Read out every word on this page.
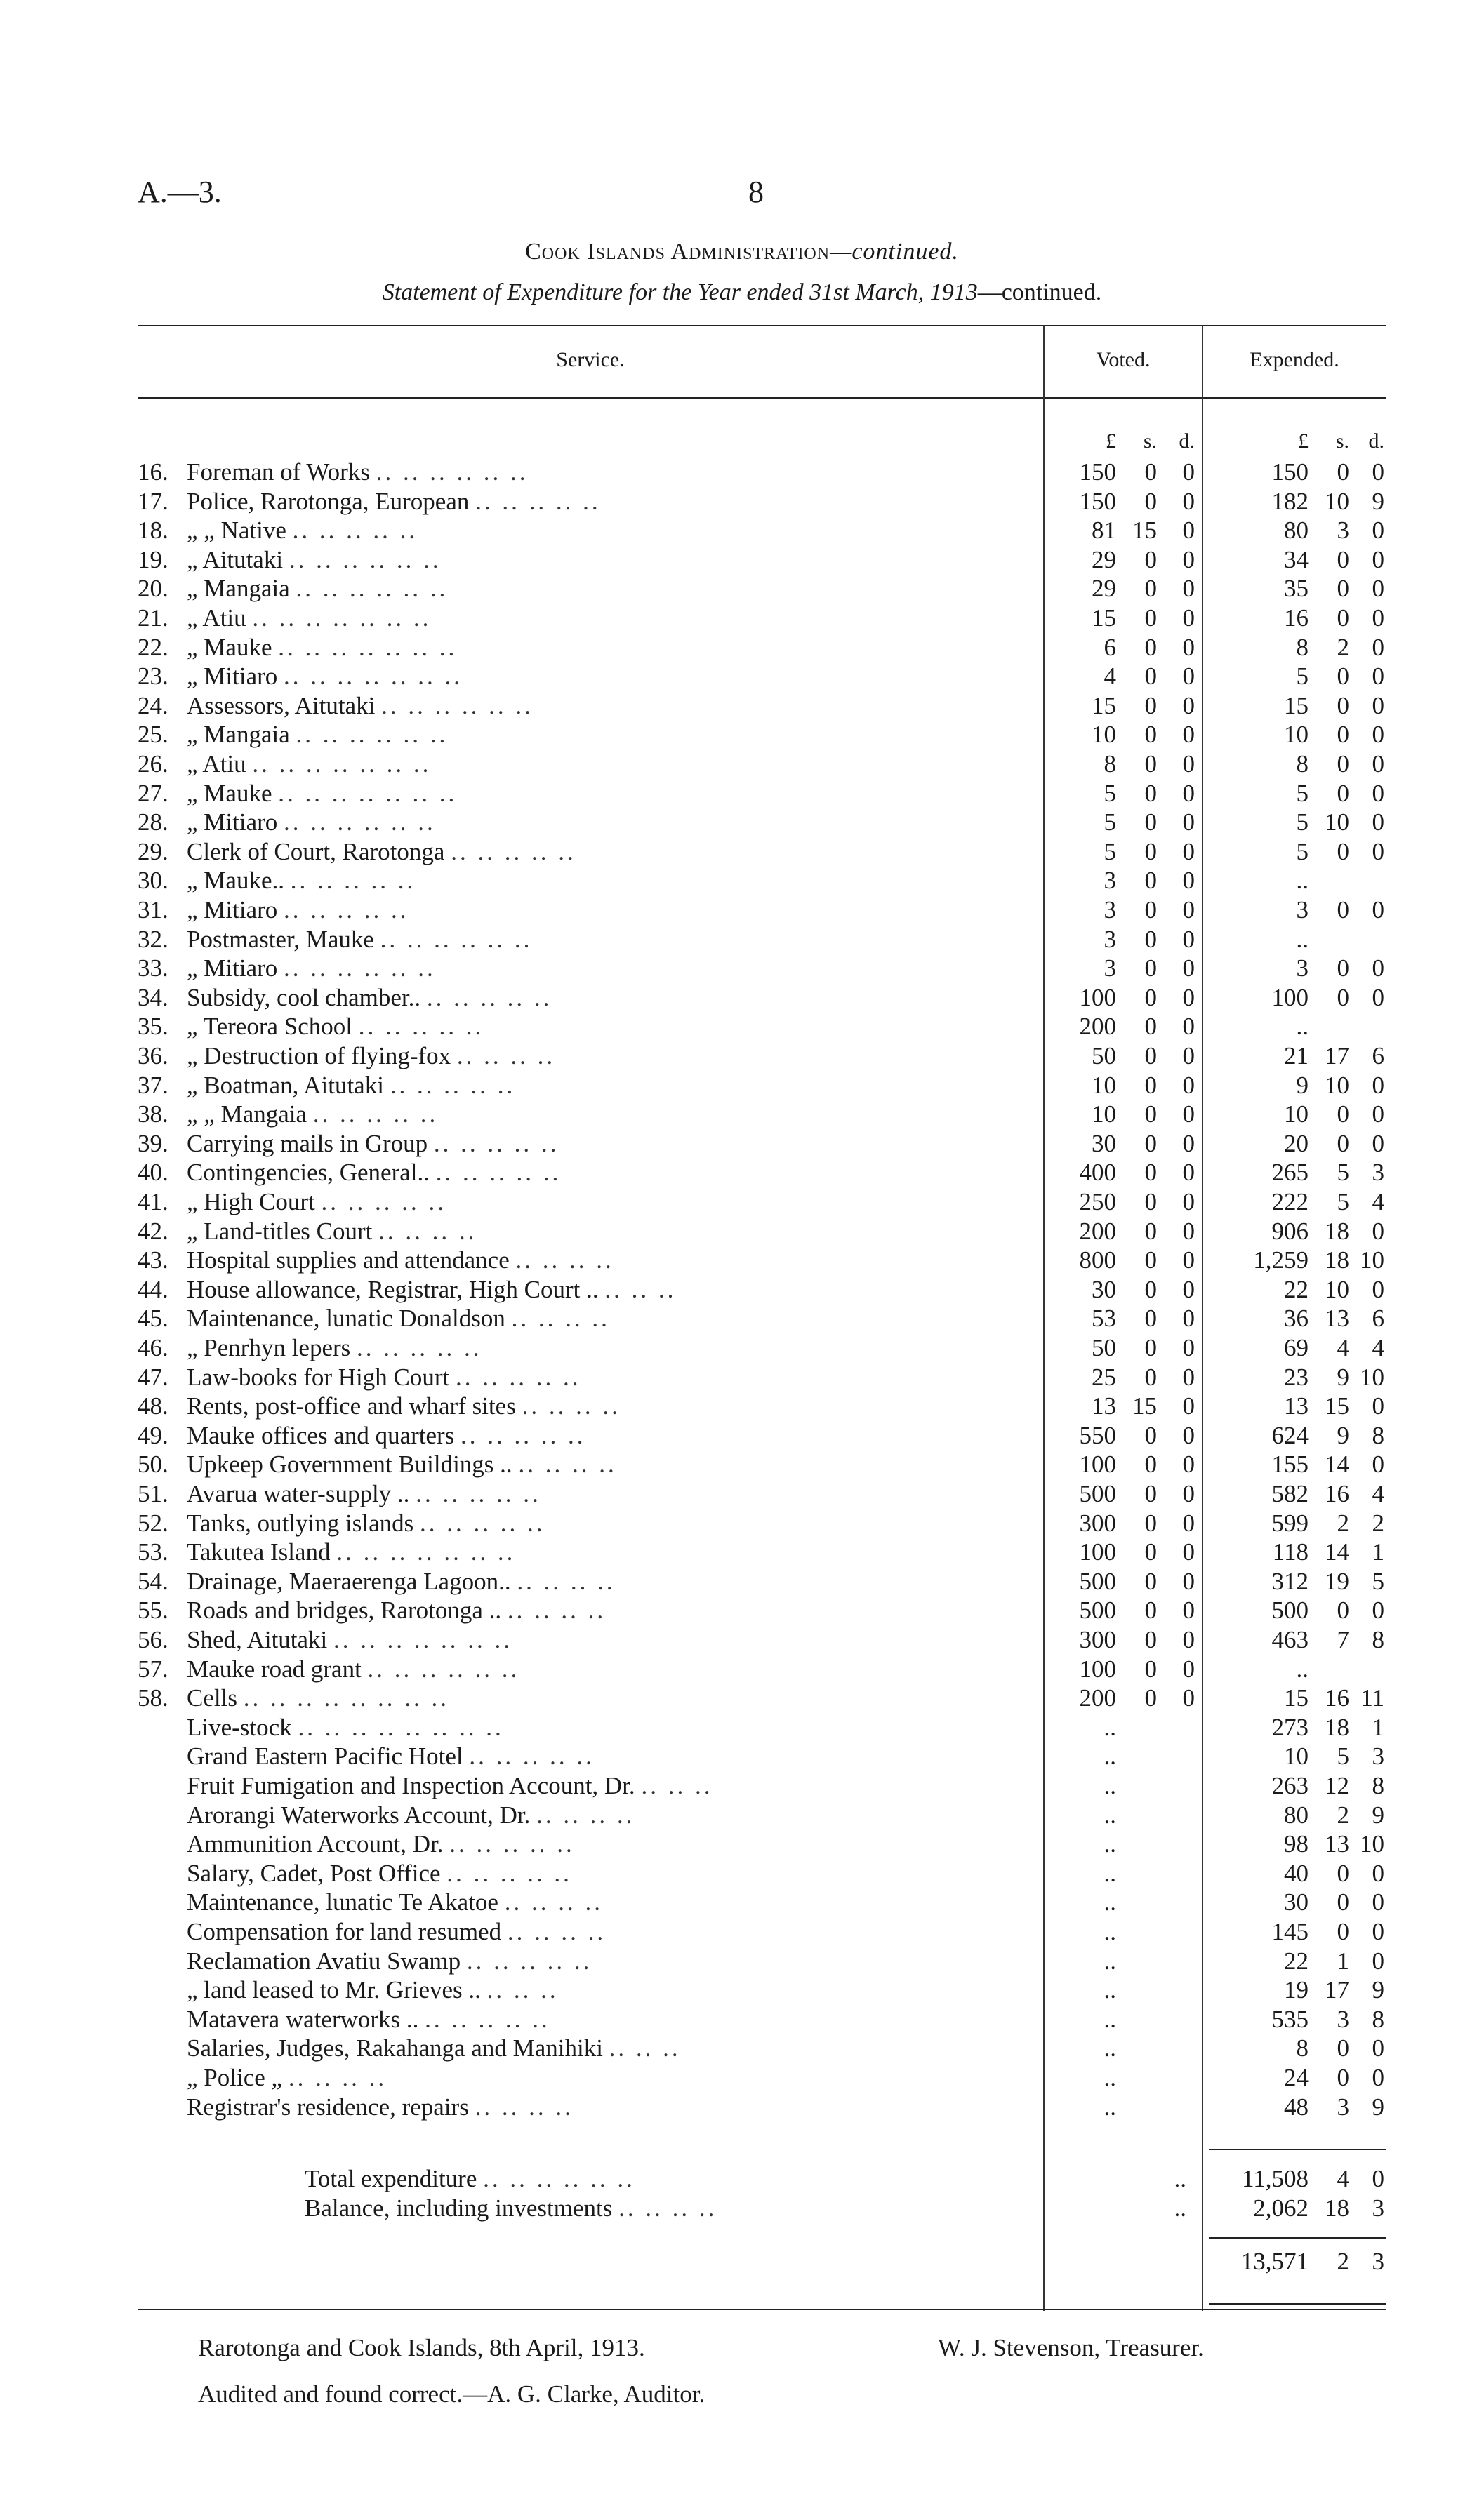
A.—3.	8
Cook Islands Administration—continued.
Statement of Expenditure for the Year ended 31st March, 1913—continued.
Service.	Voted.	Expended.
£	s.	d.	£	s. d.
16. Foreman of Works .. .. .. .. .. ..	150	0	0	150	0 0
17. Police, Rarotonga, European .. .. .. .. ..	150	0	0	182 10 9
18. „ „ Native .. .. .. .. ..	81 15	0	80	3 0
19. „ Aitutaki .. .. .. .. .. ..	29	0	0	34	0 0
20. „ Mangaia .. .. .. .. .. ..	29	0	0	35	0 0
21. „ Atiu .. .. .. .. .. .. ..	15	0	0	16	0 0
22. „ Mauke .. .. .. .. .. .. ..	6	0	0	8	2 0
23. „ Mitiaro .. .. .. .. .. .. ..	4	0	0	5	0 0
24. Assessors, Aitutaki .. .. .. .. .. ..	15	0	0	15	0 0
25. „ Mangaia .. .. .. .. .. ..	10	0	0	10	0 0
26. „ Atiu .. .. .. .. .. .. ..	8	0	0	8	0 0
27. „ Mauke .. .. .. .. .. .. ..	5	0	0	5	0 0
28. „ Mitiaro .. .. .. .. .. ..	5	0	0	5 10 0
29. Clerk of Court, Rarotonga .. .. .. .. ..	5	0	0	5	0 0
30. „ Mauke.. .. .. .. .. ..	3	0	0	..
31. „ Mitiaro .. .. .. .. ..	3	0	0	3	0 0
32. Postmaster, Mauke .. .. .. .. .. ..	3	0	0	..
33. „ Mitiaro .. .. .. .. .. ..	3	0	0	3	0 0
34. Subsidy, cool chamber.. .. .. .. .. ..	100	0	0	100	0 0
35. „ Tereora School .. .. .. .. ..	200	0	0	..
36. „ Destruction of flying-fox .. .. .. ..	50	0	0	21 17 6
37. „ Boatman, Aitutaki .. .. .. .. ..	10	0	0	9 10 0
38. „ „ Mangaia .. .. .. .. ..	10	0	0	10	0 0
39. Carrying mails in Group .. .. .. .. ..	30	0	0	20	0 0
40. Contingencies, General.. .. .. .. .. ..	400	0	0	265	5 3
41. „ High Court .. .. .. .. ..	250	0	0	222	5 4
42. „ Land-titles Court .. .. .. ..	200	0	0	906 18 0
43. Hospital supplies and attendance .. .. .. ..	800	0	0	1,259 18 10
44. House allowance, Registrar, High Court .. .. .. ..	30	0	0	22 10 0
45. Maintenance, lunatic Donaldson .. .. .. ..	53	0	0	36 13 6
46. „ Penrhyn lepers .. .. .. .. ..	50	0	0	69	4 4
47. Law-books for High Court .. .. .. .. ..	25	0	0	23	9 10
48. Rents, post-office and wharf sites .. .. .. ..	13 15	0	13 15 0
49. Mauke offices and quarters .. .. .. .. ..	550	0	0	624	9 8
50. Upkeep Government Buildings .. .. .. .. ..	100	0	0	155 14 0
51. Avarua water-supply .. .. .. .. .. ..	500	0	0	582 16 4
52. Tanks, outlying islands .. .. .. .. ..	300	0	0	599	2 2
53. Takutea Island .. .. .. .. .. .. ..	100	0	0	118 14 1
54. Drainage, Maeraerenga Lagoon.. .. .. .. ..	500	0	0	312 19 5
55. Roads and bridges, Rarotonga .. .. .. .. ..	500	0	0	500	0 0
56. Shed, Aitutaki .. .. .. .. .. .. ..	300	0	0	463	7 8
57. Mauke road grant .. .. .. .. .. ..	100	0	0	..
58. Cells .. .. .. .. .. .. .. ..	200	0	0	15 16 11
Live-stock .. .. .. .. .. .. .. ..	..	273 18 1
Grand Eastern Pacific Hotel .. .. .. .. ..	..	10	5 3
Fruit Fumigation and Inspection Account, Dr. .. .. ..	..	263 12 8
Arorangi Waterworks Account, Dr. .. .. .. ..	..	80	2 9
Ammunition Account, Dr. .. .. .. .. ..	..	98 13 10
Salary, Cadet, Post Office .. .. .. .. ..	..	40	0 0
Maintenance, lunatic Te Akatoe .. .. .. ..	..	30	0 0
Compensation for land resumed .. .. .. ..	..	145	0 0
Reclamation Avatiu Swamp .. .. .. .. ..	..	22	1 0
„ land leased to Mr. Grieves .. .. .. ..	..	19 17 9
Matavera waterworks .. .. .. .. .. ..	..	535	3 8
Salaries, Judges, Rakahanga and Manihiki .. .. ..	..	8	0 0
„ Police „ .. .. .. ..	..	24	0 0
Registrar's residence, repairs .. .. .. ..	..	48	3 9
Total expenditure .. .. .. .. .. ..	..	11,508	4 0
Balance, including investments .. .. .. ..	..	2,062 18 3
13,571	2 3
Rarotonga and Cook Islands, 8th April, 1913.	W. J. Stevenson, Treasurer.
Audited and found correct.—A. G. Clarke, Auditor.
